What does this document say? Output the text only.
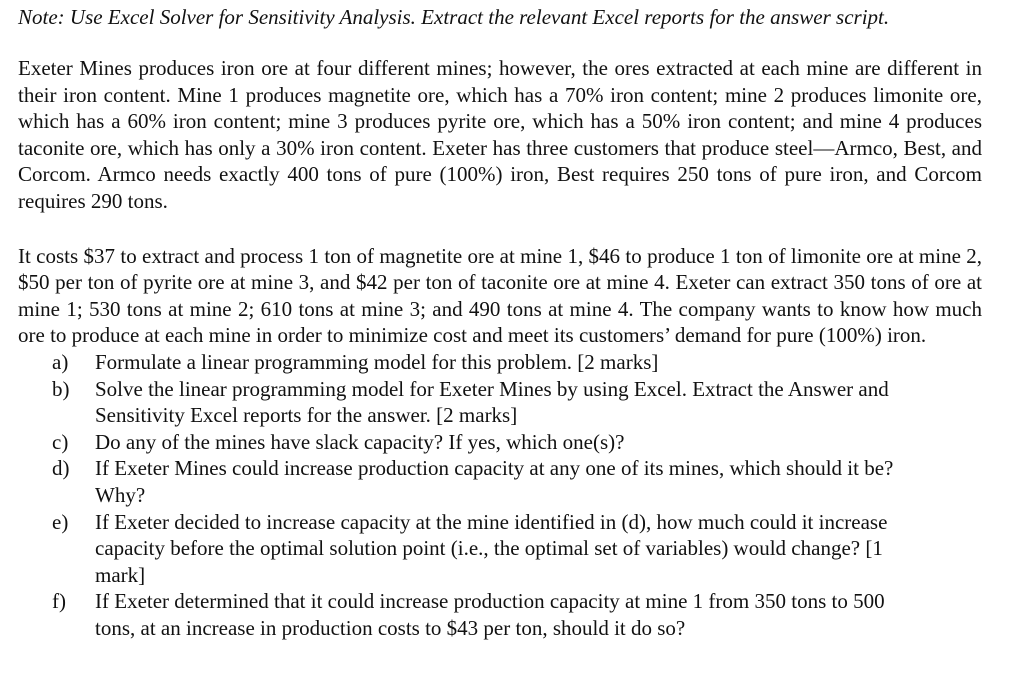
Note: Use Excel Solver for Sensitivity Analysis. Extract the relevant Excel reports for the answer script.

Exeter Mines produces iron ore at four different mines; however, the ores extracted at each mine are different in their iron content. Mine 1 produces magnetite ore, which has a 70% iron content; mine 2 produces limonite ore, which has a 60% iron content; mine 3 produces pyrite ore, which has a 50% iron content; and mine 4 produces taconite ore, which has only a 30% iron content. Exeter has three customers that produce steel—Armco, Best, and Corcom. Armco needs exactly 400 tons of pure (100%) iron, Best requires 250 tons of pure iron, and Corcom requires 290 tons.

It costs $37 to extract and process 1 ton of magnetite ore at mine 1, $46 to produce 1 ton of limonite ore at mine 2, $50 per ton of pyrite ore at mine 3, and $42 per ton of taconite ore at mine 4. Exeter can extract 350 tons of ore at mine 1; 530 tons at mine 2; 610 tons at mine 3; and 490 tons at mine 4. The company wants to know how much ore to produce at each mine in order to minimize cost and meet its customers’ demand for pure (100%) iron.

a) Formulate a linear programming model for this problem. [2 marks]
b) Solve the linear programming model for Exeter Mines by using Excel. Extract the Answer and
Sensitivity Excel reports for the answer. [2 marks]
c) Do any of the mines have slack capacity? If yes, which one(s)?
d) If Exeter Mines could increase production capacity at any one of its mines, which should it be?
Why?
e) If Exeter decided to increase capacity at the mine identified in (d), how much could it increase
capacity before the optimal solution point (i.e., the optimal set of variables) would change? [1
mark]
f) If Exeter determined that it could increase production capacity at mine 1 from 350 tons to 500
tons, at an increase in production costs to $43 per ton, should it do so?
